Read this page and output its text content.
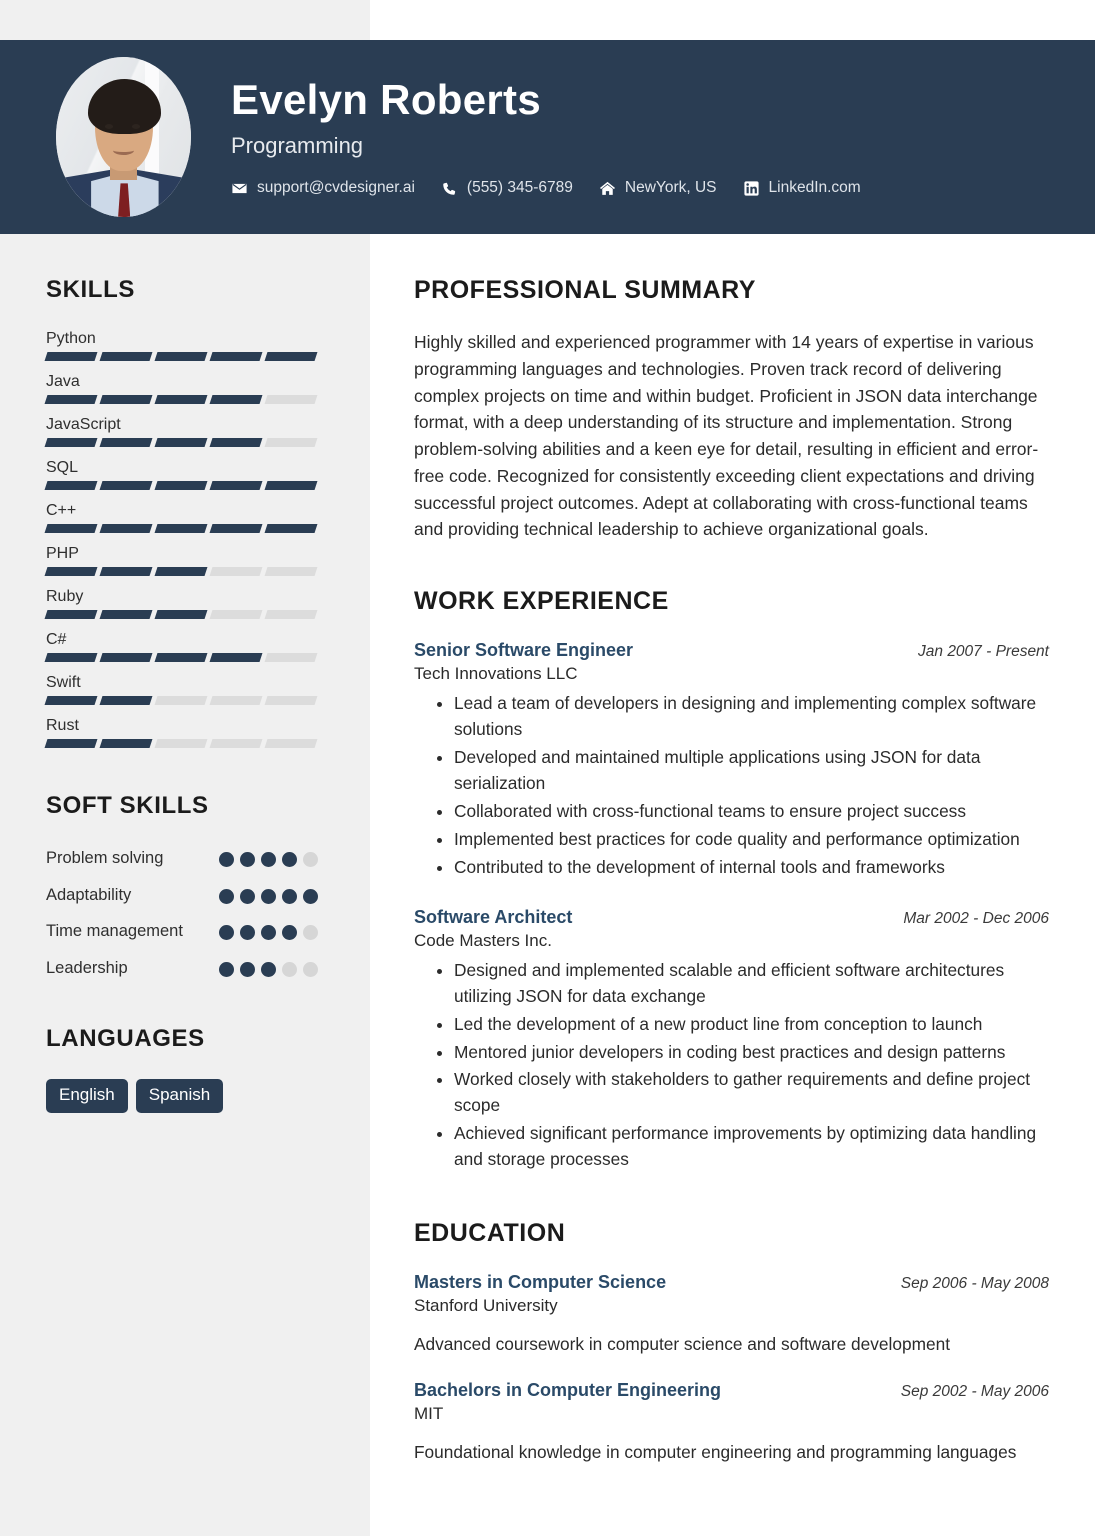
Evelyn Roberts
Programming
support@cvdesigner.ai	(555) 345-6789	NewYork, US	LinkedIn.com
SKILLS
Python
Java
JavaScript
SQL
C++
PHP
Ruby
C#
Swift
Rust
SOFT SKILLS
Problem solving
Adaptability
Time management
Leadership
LANGUAGES
English	Spanish
PROFESSIONAL SUMMARY
Highly skilled and experienced programmer with 14 years of expertise in various programming languages and technologies. Proven track record of delivering complex projects on time and within budget. Proficient in JSON data interchange format, with a deep understanding of its structure and implementation. Strong problem-solving abilities and a keen eye for detail, resulting in efficient and error-free code. Recognized for consistently exceeding client expectations and driving successful project outcomes. Adept at collaborating with cross-functional teams and providing technical leadership to achieve organizational goals.
WORK EXPERIENCE
Senior Software Engineer	Jan 2007 - Present
Tech Innovations LLC
• Lead a team of developers in designing and implementing complex software solutions
• Developed and maintained multiple applications using JSON for data serialization
• Collaborated with cross-functional teams to ensure project success
• Implemented best practices for code quality and performance optimization
• Contributed to the development of internal tools and frameworks
Software Architect	Mar 2002 - Dec 2006
Code Masters Inc.
• Designed and implemented scalable and efficient software architectures utilizing JSON for data exchange
• Led the development of a new product line from conception to launch
• Mentored junior developers in coding best practices and design patterns
• Worked closely with stakeholders to gather requirements and define project scope
• Achieved significant performance improvements by optimizing data handling and storage processes
EDUCATION
Masters in Computer Science	Sep 2006 - May 2008
Stanford University
Advanced coursework in computer science and software development
Bachelors in Computer Engineering	Sep 2002 - May 2006
MIT
Foundational knowledge in computer engineering and programming languages
